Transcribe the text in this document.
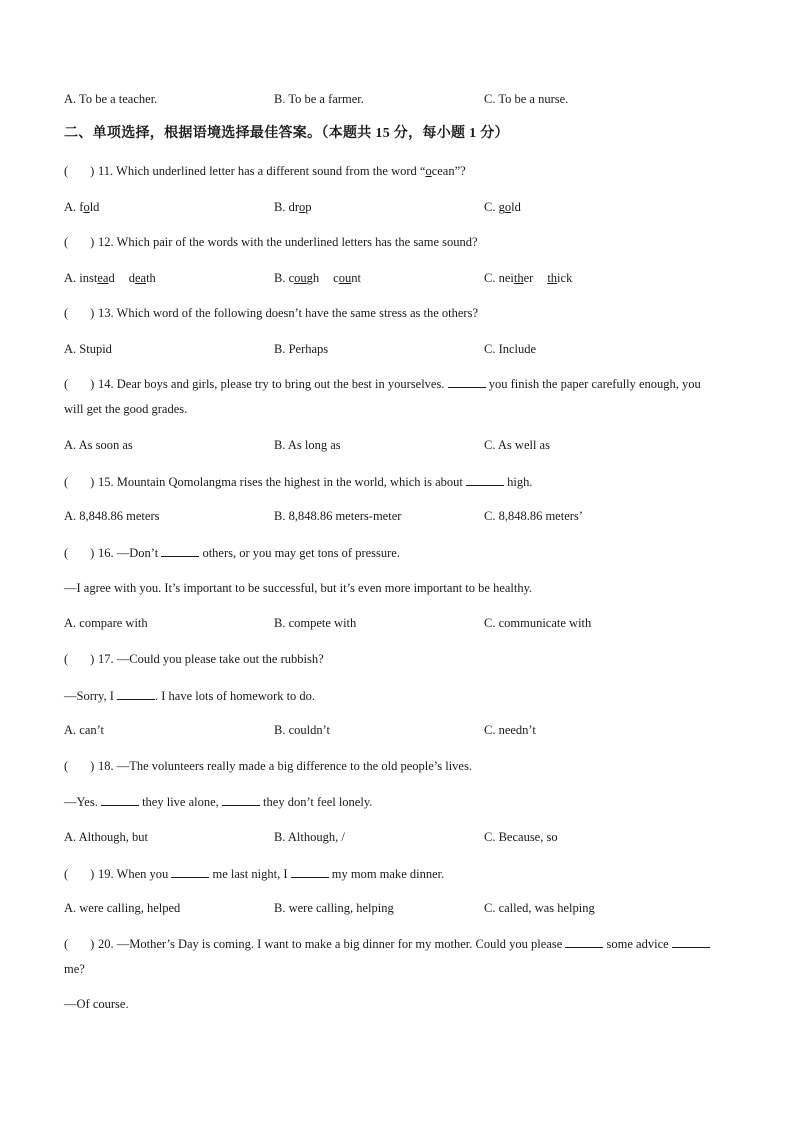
A. To be a teacher.	B. To be a farmer.	C. To be a nurse.
二、单项选择，根据语境选择最佳答案。（本题共 15 分，每小题 1 分）
( ) 11. Which underlined letter has a different sound from the word “ocean”?
A. fold	B. drop	C. gold
( ) 12. Which pair of the words with the underlined letters has the same sound?
A. instead death	B. cough count	C. neither thick
( ) 13. Which word of the following doesn’t have the same stress as the others?
A. Stupid	B. Perhaps	C. Include
( ) 14. Dear boys and girls, please try to bring out the best in yourselves.	you finish the paper carefully enough, you will get the good grades.
A. As soon as	B. As long as	C. As well as
( ) 15. Mountain Qomolangma rises the highest in the world, which is about	high.
A. 8,848.86 meters	B. 8,848.86 meters-meter	C. 8,848.86 meters’
( ) 16. —Don’t	others, or you may get tons of pressure.
—I agree with you. It’s important to be successful, but it’s even more important to be healthy.
A. compare with	B. compete with	C. communicate with
( ) 17. —Could you please take out the rubbish?
—Sorry, I	. I have lots of homework to do.
A. can’t	B. couldn’t	C. needn’t
( ) 18. —The volunteers really made a big difference to the old people’s lives.
—Yes.	they live alone,	they don’t feel lonely.
A. Although, but	B. Although, /	C. Because, so
( ) 19. When you	me last night, I	my mom make dinner.
A. were calling, helped	B. were calling, helping	C. called, was helping
( ) 20. —Mother’s Day is coming. I want to make a big dinner for my mother. Could you please	some advice  me?
—Of course.
